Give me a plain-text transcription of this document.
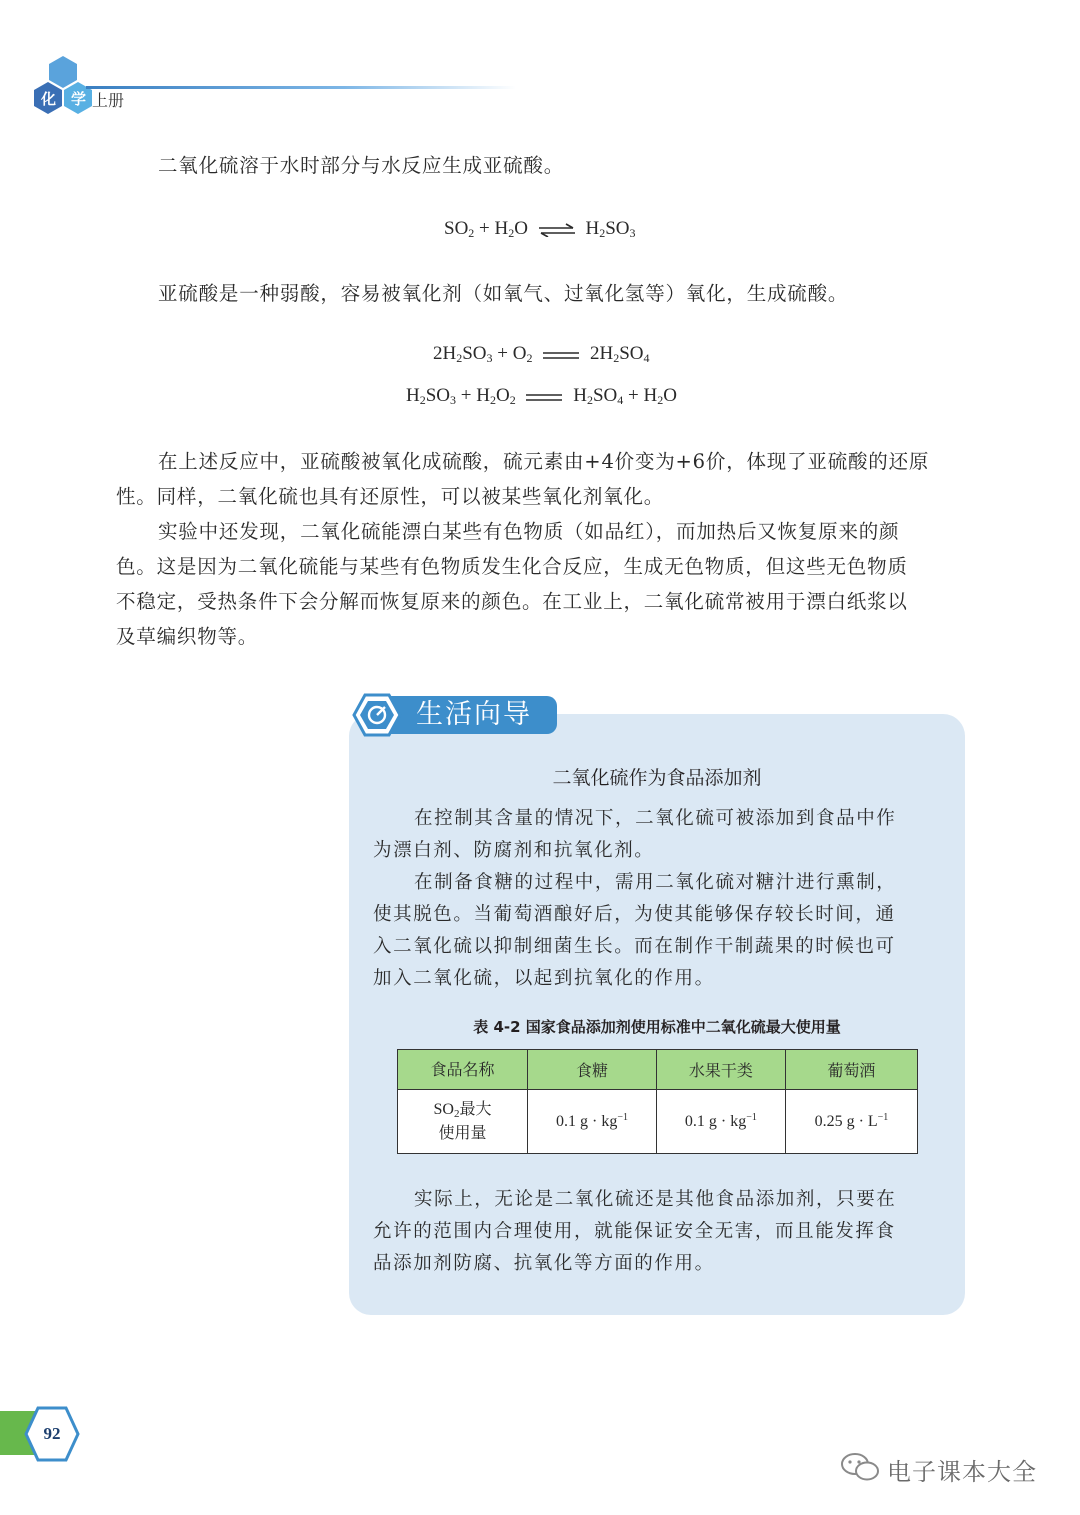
化 学 上册

二氧化硫溶于水时部分与水反应生成亚硫酸。

$SO_2 + H_2O$ ⇌ $H_2SO_3$

亚硫酸是一种弱酸，容易被氧化剂（如氧气、过氧化氢等）氧化，生成硫酸。

$2H_2SO_3 + O_2$	$2H_2SO_4$
$H_2SO_3 + H_2O_2$	$H_2SO_4 + H_2O$

在上述反应中，亚硫酸被氧化成硫酸，硫元素由+4价变为+6价，体现了亚硫酸的还原

性。同样，二氧化硫也具有还原性，可以被某些氧化剂氧化。

实验中还发现，二氧化硫能漂白某些有色物质（如品红），而加热后又恢复原来的颜

色。这是因为二氧化硫能与某些有色物质发生化合反应，生成无色物质，但这些无色物质

不稳定，受热条件下会分解而恢复原来的颜色。在工业上，二氧化硫常被用于漂白纸浆以

及草编织物等。

生活向导
二氧化硫作为食品添加剂

在控制其含量的情况下，二氧化硫可被添加到食品中作

为漂白剂、防腐剂和抗氧化剂。

在制备食糖的过程中，需用二氧化硫对糖汁进行熏制，

使其脱色。当葡萄酒酿好后，为使其能够保存较长时间，通

入二氧化硫以抑制细菌生长。而在制作干制蔬果的时候也可

加入二氧化硫，以起到抗氧化的作用。

表 4-2 国家食品添加剂使用标准中二氧化硫最大使用量
食品名称	食糖	水果干类	葡萄酒
$SO_2$最大
使用量	0.1 $g \cdot kg^{-1}$	0.1 $g \cdot kg^{-1}$	0.25 $g \cdot L^{-1}$

实际上，无论是二氧化硫还是其他食品添加剂，只要在

允许的范围内合理使用，就能保证安全无害，而且能发挥食

品添加剂防腐、抗氧化等方面的作用。

92
电子课本大全
